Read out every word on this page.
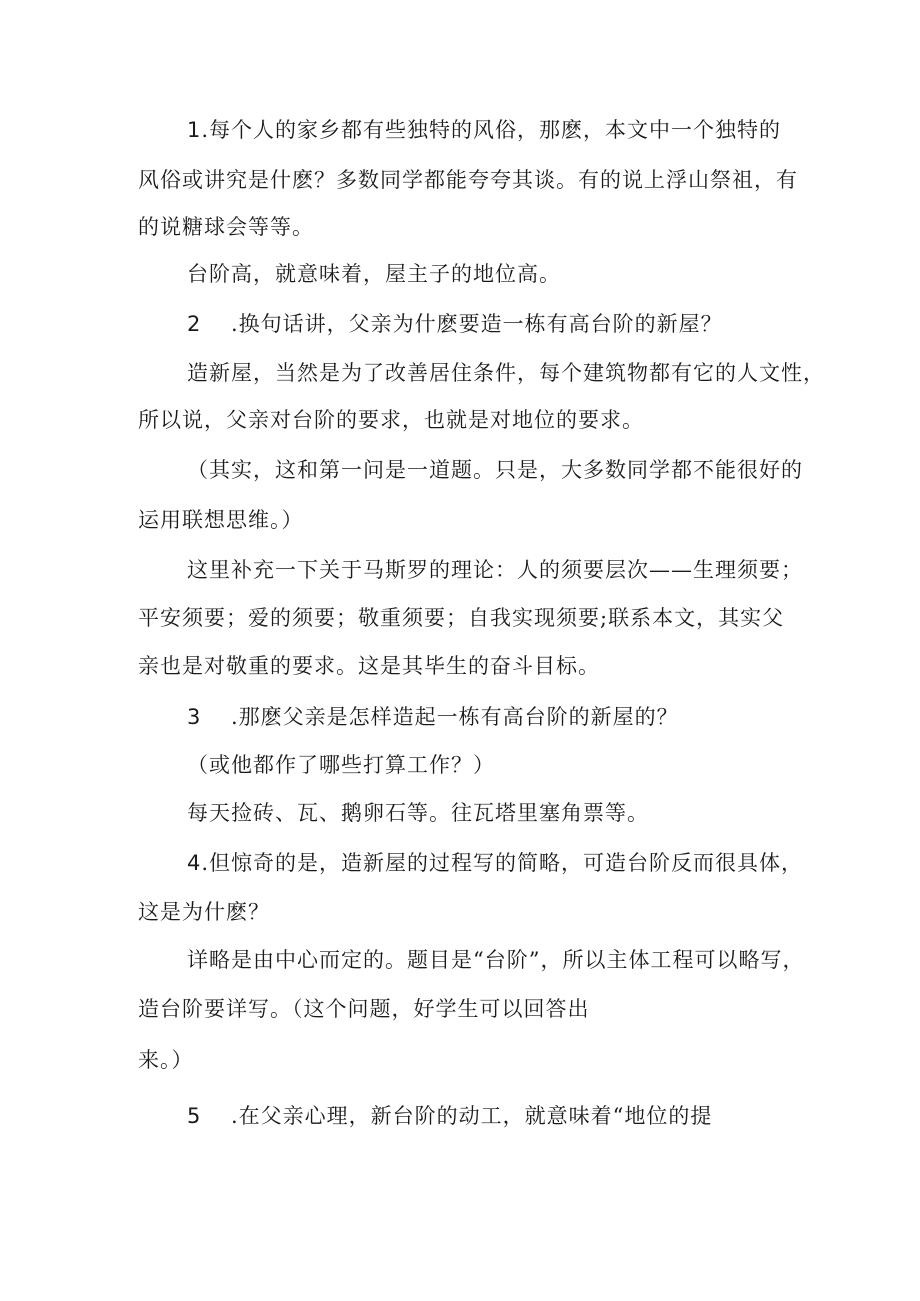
1.每个人的家乡都有些独特的风俗，那麽，本文中一个独特的
风俗或讲究是什麽？多数同学都能夸夸其谈。有的说上浮山祭祖，有
的说糖球会等等。
台阶高，就意味着，屋主子的地位高。
2 .换句话讲，父亲为什麽要造一栋有高台阶的新屋？
造新屋，当然是为了改善居住条件，每个建筑物都有它的人文性，
所以说，父亲对台阶的要求，也就是对地位的要求。
（其实，这和第一问是一道题。只是，大多数同学都不能很好的
运用联想思维。）
这里补充一下关于马斯罗的理论：人的须要层次——生理须要；
平安须要；爱的须要；敬重须要；自我实现须要;联系本文，其实父
亲也是对敬重的要求。这是其毕生的奋斗目标。
3 .那麽父亲是怎样造起一栋有高台阶的新屋的？
（或他都作了哪些打算工作？）
每天捡砖、瓦、鹅卵石等。往瓦塔里塞角票等。
4.但惊奇的是，造新屋的过程写的简略，可造台阶反而很具体，
这是为什麽？
详略是由中心而定的。题目是“台阶”，所以主体工程可以略写，
造台阶要详写。（这个问题，好学生可以回答出
来。）
5 .在父亲心理，新台阶的动工，就意味着“地位的提
